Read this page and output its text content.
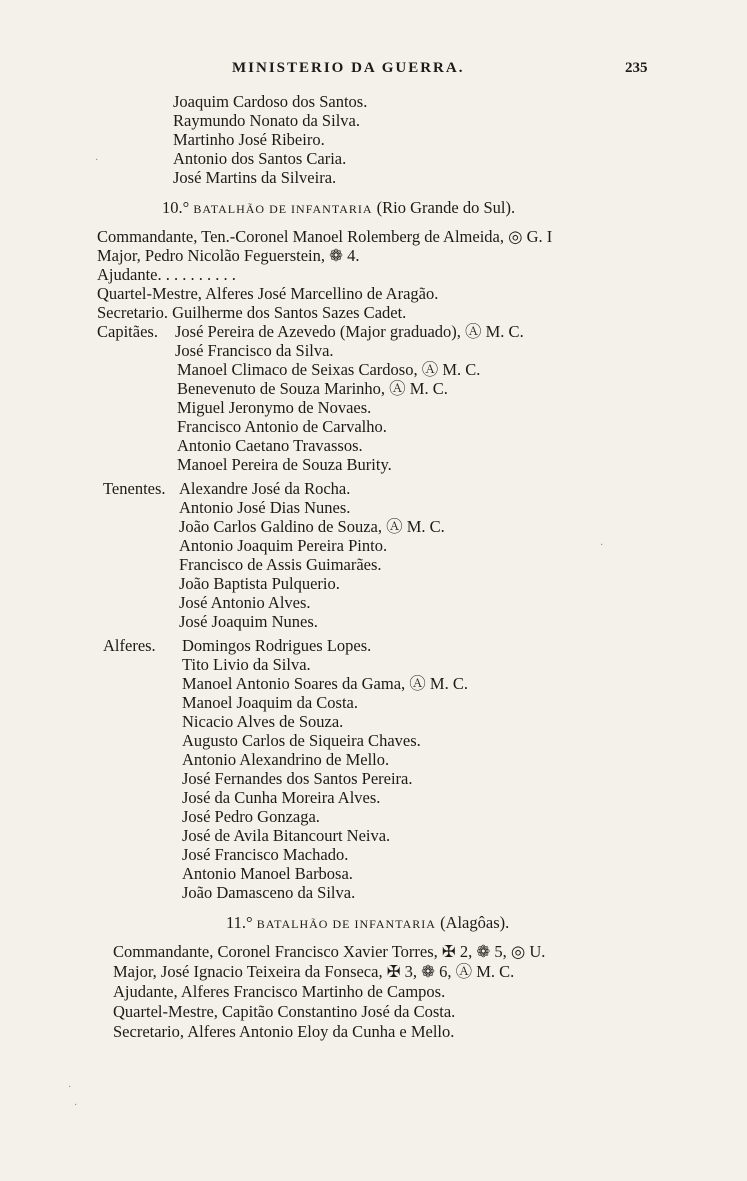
MINISTERIO DA GUERRA.	235
Joaquim Cardoso dos Santos.
Raymundo Nonato da Silva.
Martinho José Ribeiro.
Antonio dos Santos Caria.
José Martins da Silveira.
10.° BATALHÃO DE INFANTARIA (Rio Grande do Sul).
Commandante, Ten.-Coronel Manoel Rolemberg de Almeida, ◎ G. I
Major, Pedro Nicolão Feguerstein, ❁ 4.
Ajudante. . . . . . . . . .
Quartel-Mestre, Alferes José Marcellino de Aragão.
Secretario. Guilherme dos Santos Sazes Cadet.
Capitães. José Pereira de Azevedo (Major graduado), Ⓐ M. C.
José Francisco da Silva.
Manoel Climaco de Seixas Cardoso, Ⓐ M. C.
Benevenuto de Souza Marinho, Ⓐ M. C.
Miguel Jeronymo de Novaes.
Francisco Antonio de Carvalho.
Antonio Caetano Travassos.
Manoel Pereira de Souza Burity.
Tenentes. Alexandre José da Rocha.
Antonio José Dias Nunes.
João Carlos Galdino de Souza, Ⓐ M. C.
Antonio Joaquim Pereira Pinto.
Francisco de Assis Guimarães.
João Baptista Pulquerio.
José Antonio Alves.
José Joaquim Nunes.
Alferes. Domingos Rodrigues Lopes.
Tito Livio da Silva.
Manoel Antonio Soares da Gama, Ⓐ M. C.
Manoel Joaquim da Costa.
Nicacio Alves de Souza.
Augusto Carlos de Siqueira Chaves.
Antonio Alexandrino de Mello.
José Fernandes dos Santos Pereira.
José da Cunha Moreira Alves.
José Pedro Gonzaga.
José de Avila Bitancourt Neiva.
José Francisco Machado.
Antonio Manoel Barbosa.
João Damasceno da Silva.
11.° BATALHÃO DE INFANTARIA (Alagôas).
Commandante, Coronel Francisco Xavier Torres, ✠ 2, ❁ 5, ◎ U.
Major, José Ignacio Teixeira da Fonseca, ✠ 3, ❁ 6, Ⓐ M. C.
Ajudante, Alferes Francisco Martinho de Campos.
Quartel-Mestre, Capitão Constantino José da Costa.
Secretario, Alferes Antonio Eloy da Cunha e Mello.
·
·
·
·
